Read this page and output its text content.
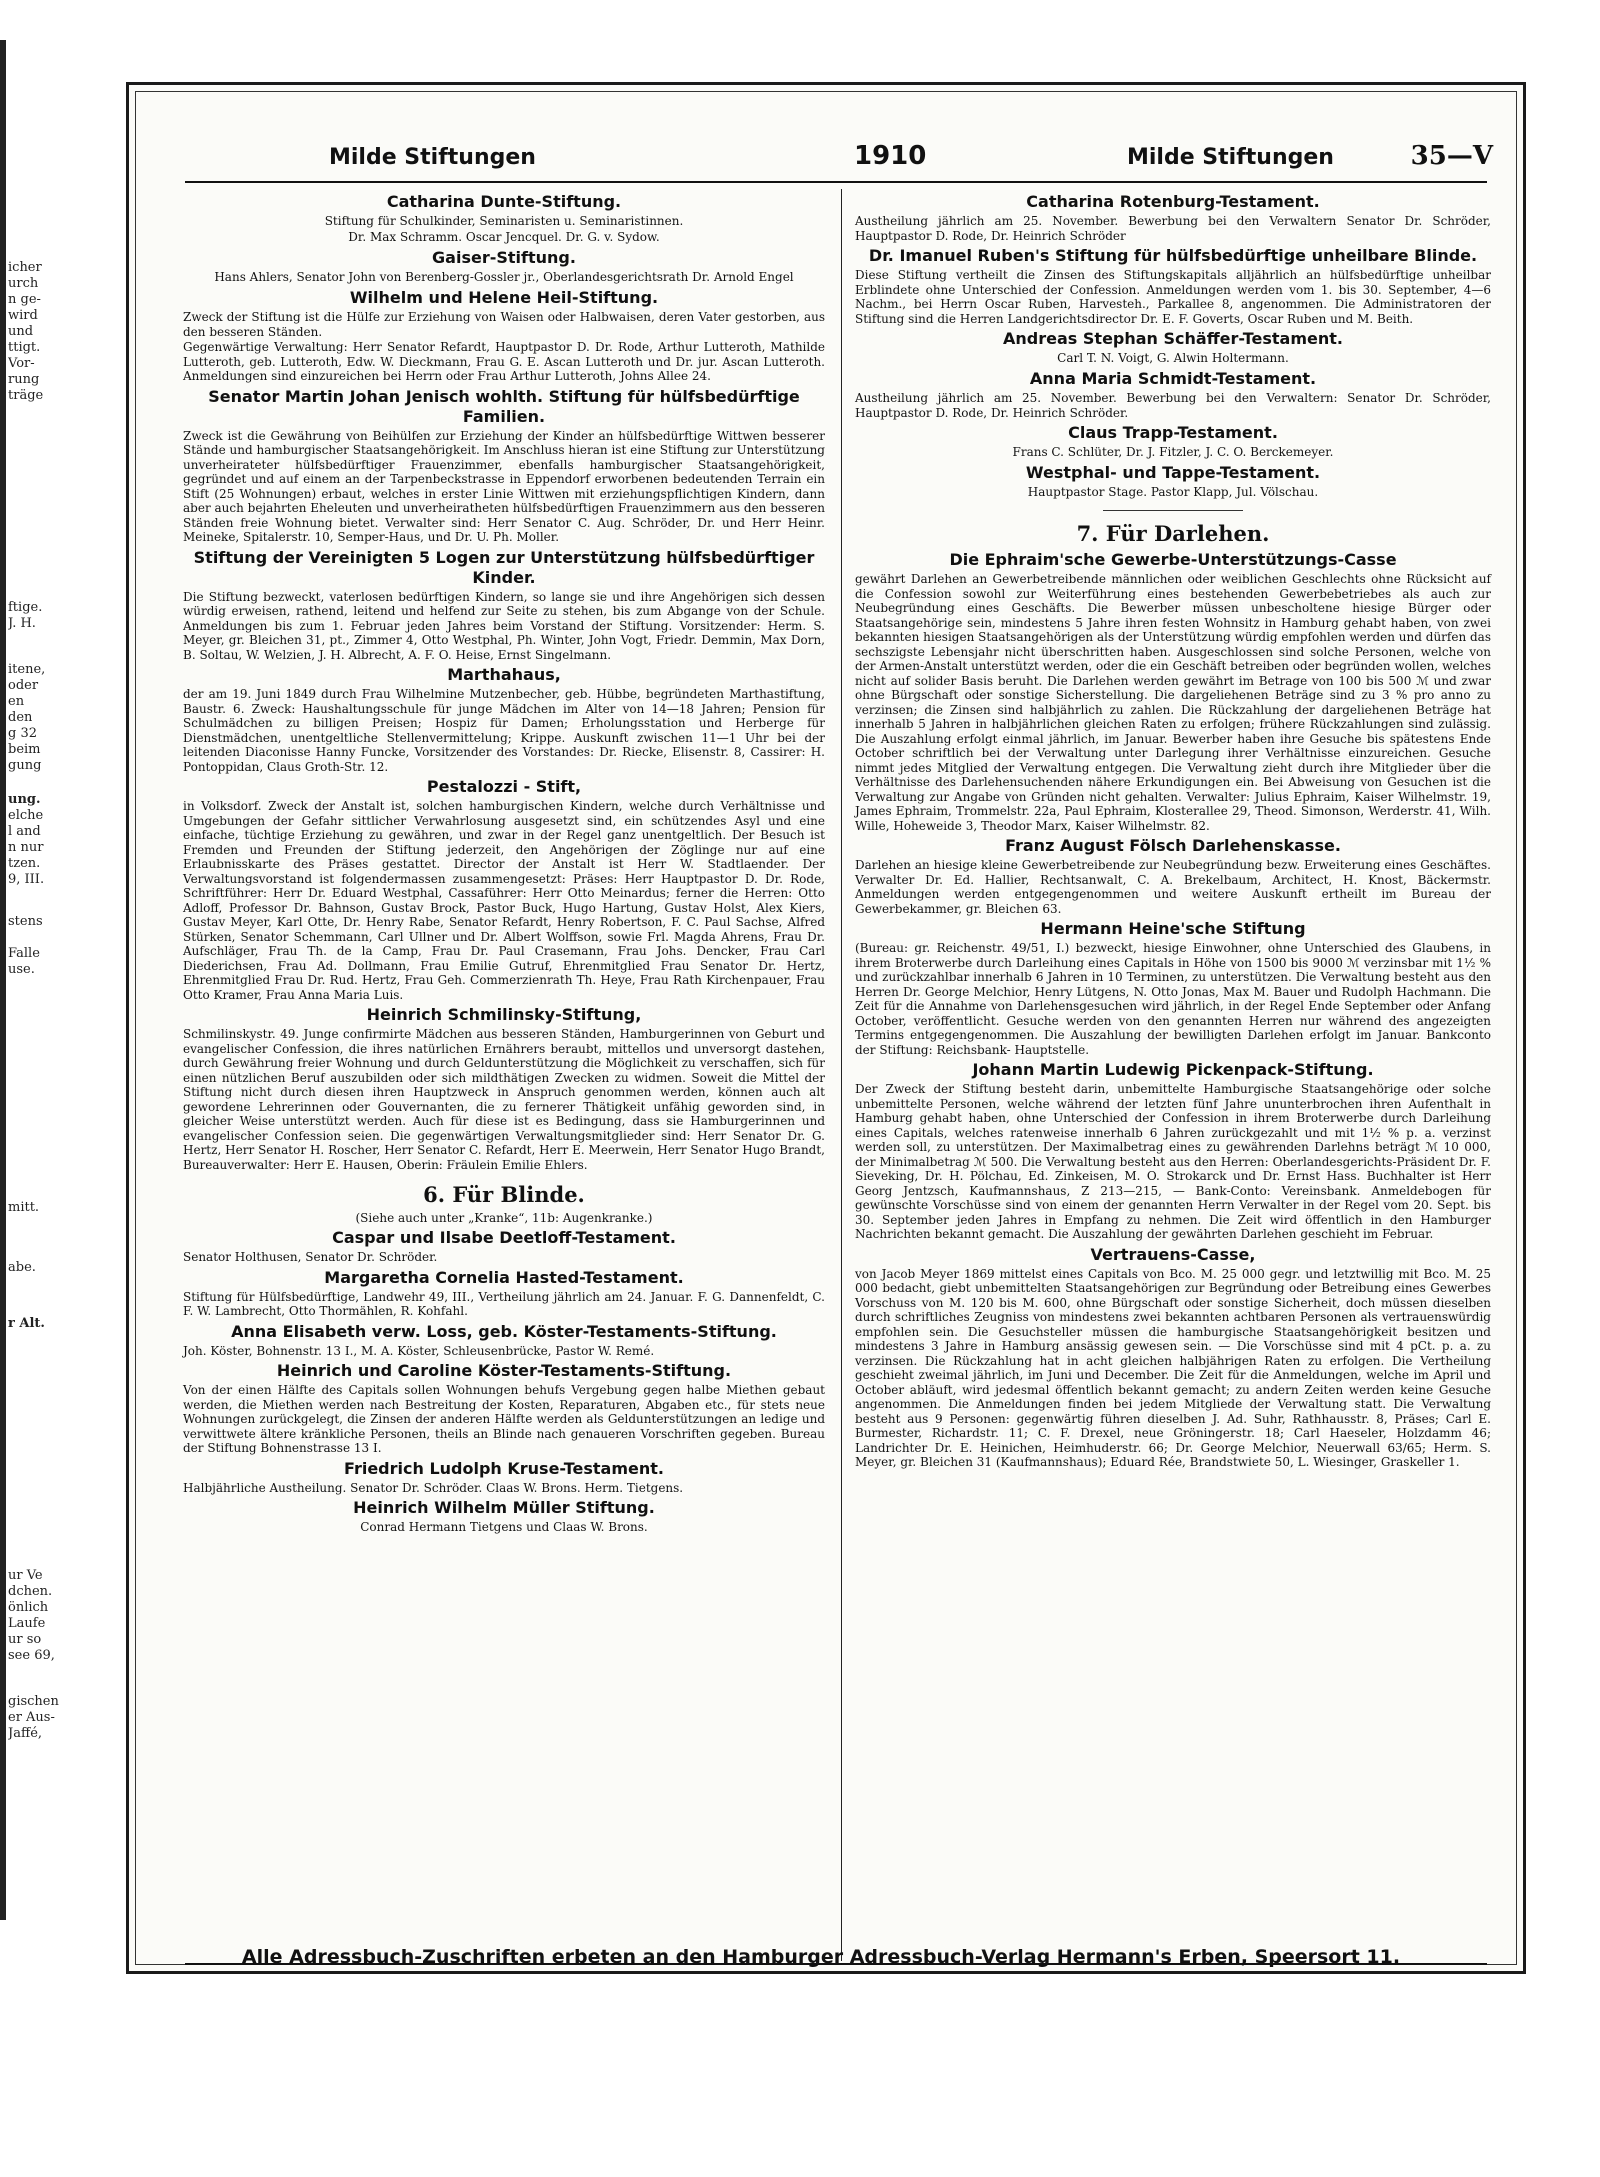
icher
urch
n ge-
wird
und
ttigt.
Vor-
rung
träge
ftige.
J. H.
itene,
oder
en
den
g 32
beim
gung
ung.
elche
l and
n nur
tzen.
9, III.
stens
Falle
use.
mitt.
abe.
r Alt.
ur Ve
dchen.
önlich
Laufe
ur so
see 69,
gischen
er Aus-
Jaffé,
Milde Stiftungen	1910	Milde Stiftungen	35—V
Catharina Dunte-Stiftung.
Stiftung für Schulkinder, Seminaristen u. Seminaristinnen.
Dr. Max Schramm. Oscar Jencquel. Dr. G. v. Sydow.
Gaiser-Stiftung.
Hans Ahlers, Senator John von Berenberg-Gossler jr., Oberlandesgerichtsrath Dr. Arnold Engel
Wilhelm und Helene Heil-Stiftung.
Zweck der Stiftung ist die Hülfe zur Erziehung von Waisen oder Halbwaisen, deren Vater gestorben, aus den besseren Ständen.
Gegenwärtige Verwaltung: Herr Senator Refardt, Hauptpastor D. Dr. Rode, Arthur Lutteroth, Mathilde Lutteroth, geb. Lutteroth, Edw. W. Dieckmann, Frau G. E. Ascan Lutteroth und Dr. jur. Ascan Lutteroth. Anmeldungen sind einzureichen bei Herrn oder Frau Arthur Lutteroth, Johns Allee 24.
Senator Martin Johan Jenisch wohlth. Stiftung für hülfsbedürftige Familien.
Zweck ist die Gewährung von Beihülfen zur Erziehung der Kinder an hülfsbedürftige Wittwen besserer Stände und hamburgischer Staatsangehörigkeit. Im Anschluss hieran ist eine Stiftung zur Unterstützung unverheirateter hülfsbedürftiger Frauenzimmer, ebenfalls hamburgischer Staatsangehörigkeit, gegründet und auf einem an der Tarpenbeckstrasse in Eppendorf erworbenen bedeutenden Terrain ein Stift (25 Wohnungen) erbaut, welches in erster Linie Wittwen mit erziehungspflichtigen Kindern, dann aber auch bejahrten Eheleuten und unverheiratheten hülfsbedürftigen Frauenzimmern aus den besseren Ständen freie Wohnung bietet. Verwalter sind: Herr Senator C. Aug. Schröder, Dr. und Herr Heinr. Meineke, Spitalerstr. 10, Semper-Haus, und Dr. U. Ph. Moller.
Stiftung der Vereinigten 5 Logen zur Unterstützung hülfsbedürftiger Kinder.
Die Stiftung bezweckt, vaterlosen bedürftigen Kindern, so lange sie und ihre Angehörigen sich dessen würdig erweisen, rathend, leitend und helfend zur Seite zu stehen, bis zum Abgange von der Schule. Anmeldungen bis zum 1. Februar jeden Jahres beim Vorstand der Stiftung. Vorsitzender: Herm. S. Meyer, gr. Bleichen 31, pt., Zimmer 4, Otto Westphal, Ph. Winter, John Vogt, Friedr. Demmin, Max Dorn, B. Soltau, W. Welzien, J. H. Albrecht, A. F. O. Heise, Ernst Singelmann.
Marthahaus,
der am 19. Juni 1849 durch Frau Wilhelmine Mutzenbecher, geb. Hübbe, begründeten Marthastiftung, Baustr. 6. Zweck: Haushaltungsschule für junge Mädchen im Alter von 14—18 Jahren; Pension für Schulmädchen zu billigen Preisen; Hospiz für Damen; Erholungsstation und Herberge für Dienstmädchen, unentgeltliche Stellenvermittelung; Krippe. Auskunft zwischen 11—1 Uhr bei der leitenden Diaconisse Hanny Funcke, Vorsitzender des Vorstandes: Dr. Riecke, Elisenstr. 8, Cassirer: H. Pontoppidan, Claus Groth-Str. 12.
Pestalozzi - Stift,
in Volksdorf. Zweck der Anstalt ist, solchen hamburgischen Kindern, welche durch Verhältnisse und Umgebungen der Gefahr sittlicher Verwahrlosung ausgesetzt sind, ein schützendes Asyl und eine einfache, tüchtige Erziehung zu gewähren, und zwar in der Regel ganz unentgeltlich. Der Besuch ist Fremden und Freunden der Stiftung jederzeit, den Angehörigen der Zöglinge nur auf eine Erlaubnisskarte des Präses gestattet. Director der Anstalt ist Herr W. Stadtlaender. Der Verwaltungsvorstand ist folgendermassen zusammengesetzt: Präses: Herr Hauptpastor D. Dr. Rode, Schriftführer: Herr Dr. Eduard Westphal, Cassaführer: Herr Otto Meinardus; ferner die Herren: Otto Adloff, Professor Dr. Bahnson, Gustav Brock, Pastor Buck, Hugo Hartung, Gustav Holst, Alex Kiers, Gustav Meyer, Karl Otte, Dr. Henry Rabe, Senator Refardt, Henry Robertson, F. C. Paul Sachse, Alfred Stürken, Senator Schemmann, Carl Ullner und Dr. Albert Wolffson, sowie Frl. Magda Ahrens, Frau Dr. Aufschläger, Frau Th. de la Camp, Frau Dr. Paul Crasemann, Frau Johs. Dencker, Frau Carl Diederichsen, Frau Ad. Dollmann, Frau Emilie Gutruf, Ehrenmitglied Frau Senator Dr. Hertz, Ehrenmitglied Frau Dr. Rud. Hertz, Frau Geh. Commerzienrath Th. Heye, Frau Rath Kirchenpauer, Frau Otto Kramer, Frau Anna Maria Luis.
Heinrich Schmilinsky-Stiftung,
Schmilinskystr. 49. Junge confirmirte Mädchen aus besseren Ständen, Hamburgerinnen von Geburt und evangelischer Confession, die ihres natürlichen Ernährers beraubt, mittellos und unversorgt dastehen, durch Gewährung freier Wohnung und durch Geldunterstützung die Möglichkeit zu verschaffen, sich für einen nützlichen Beruf auszubilden oder sich mildthätigen Zwecken zu widmen. Soweit die Mittel der Stiftung nicht durch diesen ihren Hauptzweck in Anspruch genommen werden, können auch alt gewordene Lehrerinnen oder Gouvernanten, die zu fernerer Thätigkeit unfähig geworden sind, in gleicher Weise unterstützt werden. Auch für diese ist es Bedingung, dass sie Hamburgerinnen und evangelischer Confession seien. Die gegenwärtigen Verwaltungsmitglieder sind: Herr Senator Dr. G. Hertz, Herr Senator H. Roscher, Herr Senator C. Refardt, Herr E. Meerwein, Herr Senator Hugo Brandt, Bureauverwalter: Herr E. Hausen, Oberin: Fräulein Emilie Ehlers.
6. Für Blinde.
(Siehe auch unter „Kranke“, 11b: Augenkranke.)
Caspar und Ilsabe Deetloff-Testament.
Senator Holthusen, Senator Dr. Schröder.
Margaretha Cornelia Hasted-Testament.
Stiftung für Hülfsbedürftige, Landwehr 49, III., Vertheilung jährlich am 24. Januar. F. G. Dannenfeldt, C. F. W. Lambrecht, Otto Thormählen, R. Kohfahl.
Anna Elisabeth verw. Loss, geb. Köster-Testaments-Stiftung.
Joh. Köster, Bohnenstr. 13 I., M. A. Köster, Schleusenbrücke, Pastor W. Remé.
Heinrich und Caroline Köster-Testaments-Stiftung.
Von der einen Hälfte des Capitals sollen Wohnungen behufs Vergebung gegen halbe Miethen gebaut werden, die Miethen werden nach Bestreitung der Kosten, Reparaturen, Abgaben etc., für stets neue Wohnungen zurückgelegt, die Zinsen der anderen Hälfte werden als Geldunterstützungen an ledige und verwittwete ältere kränkliche Personen, theils an Blinde nach genaueren Vorschriften gegeben. Bureau der Stiftung Bohnenstrasse 13 I.
Friedrich Ludolph Kruse-Testament.
Halbjährliche Austheilung. Senator Dr. Schröder. Claas W. Brons. Herm. Tietgens.
Heinrich Wilhelm Müller Stiftung.
Conrad Hermann Tietgens und Claas W. Brons.
Catharina Rotenburg-Testament.
Austheilung jährlich am 25. November. Bewerbung bei den Verwaltern Senator Dr. Schröder, Hauptpastor D. Rode, Dr. Heinrich Schröder
Dr. Imanuel Ruben's Stiftung für hülfsbedürftige unheilbare Blinde.
Diese Stiftung vertheilt die Zinsen des Stiftungskapitals alljährlich an hülfsbedürftige unheilbar Erblindete ohne Unterschied der Confession. Anmeldungen werden vom 1. bis 30. September, 4—6 Nachm., bei Herrn Oscar Ruben, Harvesteh., Parkallee 8, angenommen. Die Administratoren der Stiftung sind die Herren Landgerichtsdirector Dr. E. F. Goverts, Oscar Ruben und M. Beith.
Andreas Stephan Schäffer-Testament.
Carl T. N. Voigt, G. Alwin Holtermann.
Anna Maria Schmidt-Testament.
Austheilung jährlich am 25. November. Bewerbung bei den Verwaltern: Senator Dr. Schröder, Hauptpastor D. Rode, Dr. Heinrich Schröder.
Claus Trapp-Testament.
Frans C. Schlüter, Dr. J. Fitzler, J. C. O. Berckemeyer.
Westphal- und Tappe-Testament.
Hauptpastor Stage. Pastor Klapp, Jul. Völschau.
7. Für Darlehen.
Die Ephraim'sche Gewerbe-Unterstützungs-Casse
gewährt Darlehen an Gewerbetreibende männlichen oder weiblichen Geschlechts ohne Rücksicht auf die Confession sowohl zur Weiterführung eines bestehenden Gewerbebetriebes als auch zur Neubegründung eines Geschäfts. Die Bewerber müssen unbescholtene hiesige Bürger oder Staatsangehörige sein, mindestens 5 Jahre ihren festen Wohnsitz in Hamburg gehabt haben, von zwei bekannten hiesigen Staatsangehörigen als der Unterstützung würdig empfohlen werden und dürfen das sechszigste Lebensjahr nicht überschritten haben. Ausgeschlossen sind solche Personen, welche von der Armen-Anstalt unterstützt werden, oder die ein Geschäft betreiben oder begründen wollen, welches nicht auf solider Basis beruht. Die Darlehen werden gewährt im Betrage von 100 bis 500 ℳ und zwar ohne Bürgschaft oder sonstige Sicherstellung. Die dargeliehenen Beträge sind zu 3 % pro anno zu verzinsen; die Zinsen sind halbjährlich zu zahlen. Die Rückzahlung der dargeliehenen Beträge hat innerhalb 5 Jahren in halbjährlichen gleichen Raten zu erfolgen; frühere Rückzahlungen sind zulässig. Die Auszahlung erfolgt einmal jährlich, im Januar. Bewerber haben ihre Gesuche bis spätestens Ende October schriftlich bei der Verwaltung unter Darlegung ihrer Verhältnisse einzureichen. Gesuche nimmt jedes Mitglied der Verwaltung entgegen. Die Verwaltung zieht durch ihre Mitglieder über die Verhältnisse des Darlehensuchenden nähere Erkundigungen ein. Bei Abweisung von Gesuchen ist die Verwaltung zur Angabe von Gründen nicht gehalten. Verwalter: Julius Ephraim, Kaiser Wilhelmstr. 19, James Ephraim, Trommelstr. 22a, Paul Ephraim, Klosterallee 29, Theod. Simonson, Werderstr. 41, Wilh. Wille, Hoheweide 3, Theodor Marx, Kaiser Wilhelmstr. 82.
Franz August Fölsch Darlehenskasse.
Darlehen an hiesige kleine Gewerbetreibende zur Neubegründung bezw. Erweiterung eines Geschäftes. Verwalter Dr. Ed. Hallier, Rechtsanwalt, C. A. Brekelbaum, Architect, H. Knost, Bäckermstr. Anmeldungen werden entgegengenommen und weitere Auskunft ertheilt im Bureau der Gewerbekammer, gr. Bleichen 63.
Hermann Heine'sche Stiftung
(Bureau: gr. Reichenstr. 49/51, I.) bezweckt, hiesige Einwohner, ohne Unterschied des Glaubens, in ihrem Broterwerbe durch Darleihung eines Capitals in Höhe von 1500 bis 9000 ℳ verzinsbar mit 1½ % und zurückzahlbar innerhalb 6 Jahren in 10 Terminen, zu unterstützen. Die Verwaltung besteht aus den Herren Dr. George Melchior, Henry Lütgens, N. Otto Jonas, Max M. Bauer und Rudolph Hachmann. Die Zeit für die Annahme von Darlehensgesuchen wird jährlich, in der Regel Ende September oder Anfang October, veröffentlicht. Gesuche werden von den genannten Herren nur während des angezeigten Termins entgegengenommen. Die Auszahlung der bewilligten Darlehen erfolgt im Januar. Bankconto der Stiftung: Reichsbank- Hauptstelle.
Johann Martin Ludewig Pickenpack-Stiftung.
Der Zweck der Stiftung besteht darin, unbemittelte Hamburgische Staatsangehörige oder solche unbemittelte Personen, welche während der letzten fünf Jahre ununterbrochen ihren Aufenthalt in Hamburg gehabt haben, ohne Unterschied der Confession in ihrem Broterwerbe durch Darleihung eines Capitals, welches ratenweise innerhalb 6 Jahren zurückgezahlt und mit 1½ % p. a. verzinst werden soll, zu unterstützen. Der Maximalbetrag eines zu gewährenden Darlehns beträgt ℳ 10 000, der Minimalbetrag ℳ 500. Die Verwaltung besteht aus den Herren: Oberlandesgerichts-Präsident Dr. F. Sieveking, Dr. H. Pölchau, Ed. Zinkeisen, M. O. Strokarck und Dr. Ernst Hass. Buchhalter ist Herr Georg Jentzsch, Kaufmannshaus, Z 213—215, — Bank-Conto: Vereinsbank. Anmeldebogen für gewünschte Vorschüsse sind von einem der genannten Herrn Verwalter in der Regel vom 20. Sept. bis 30. September jeden Jahres in Empfang zu nehmen. Die Zeit wird öffentlich in den Hamburger Nachrichten bekannt gemacht. Die Auszahlung der gewährten Darlehen geschieht im Februar.
Vertrauens-Casse,
von Jacob Meyer 1869 mittelst eines Capitals von Bco. M. 25 000 gegr. und letztwillig mit Bco. M. 25 000 bedacht, giebt unbemittelten Staatsangehörigen zur Begründung oder Betreibung eines Gewerbes Vorschuss von M. 120 bis M. 600, ohne Bürgschaft oder sonstige Sicherheit, doch müssen dieselben durch schriftliches Zeugniss von mindestens zwei bekannten achtbaren Personen als vertrauenswürdig empfohlen sein. Die Gesuchsteller müssen die hamburgische Staatsangehörigkeit besitzen und mindestens 3 Jahre in Hamburg ansässig gewesen sein. — Die Vorschüsse sind mit 4 pCt. p. a. zu verzinsen. Die Rückzahlung hat in acht gleichen halbjährigen Raten zu erfolgen. Die Vertheilung geschieht zweimal jährlich, im Juni und December. Die Zeit für die Anmeldungen, welche im April und October abläuft, wird jedesmal öffentlich bekannt gemacht; zu andern Zeiten werden keine Gesuche angenommen. Die Anmeldungen finden bei jedem Mitgliede der Verwaltung statt. Die Verwaltung besteht aus 9 Personen: gegenwärtig führen dieselben J. Ad. Suhr, Rathhausstr. 8, Präses; Carl E. Burmester, Richardstr. 11; C. F. Drexel, neue Gröningerstr. 18; Carl Haeseler, Holzdamm 46; Landrichter Dr. E. Heinichen, Heimhuderstr. 66; Dr. George Melchior, Neuerwall 63/65; Herm. S. Meyer, gr. Bleichen 31 (Kaufmannshaus); Eduard Rée, Brandstwiete 50, L. Wiesinger, Graskeller 1.
Alle Adressbuch-Zuschriften erbeten an den Hamburger Adressbuch-Verlag Hermann's Erben, Speersort 11.
